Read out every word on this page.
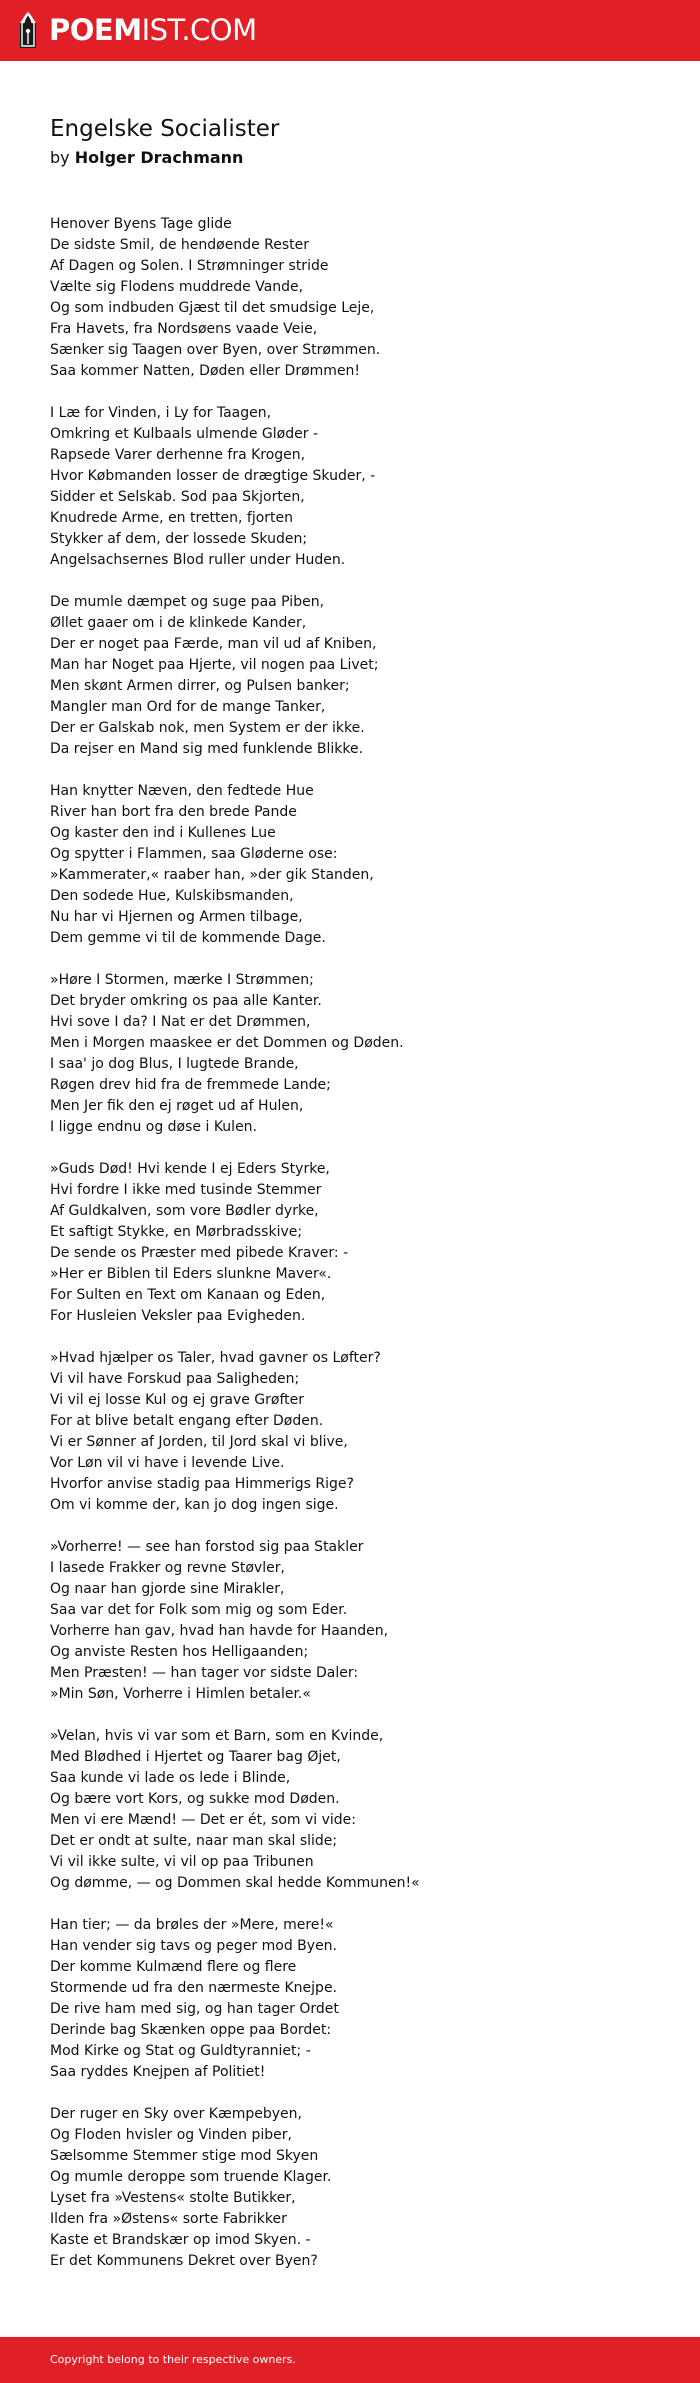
POEMIST.COM
Engelske Socialister
by Holger Drachmann
Henover Byens Tage glide
De sidste Smil, de hendøende Rester
Af Dagen og Solen. I Strømninger stride
Vælte sig Flodens muddrede Vande,
Og som indbuden Gjæst til det smudsige Leje,
Fra Havets, fra Nordsøens vaade Veie,
Sænker sig Taagen over Byen, over Strømmen.
Saa kommer Natten, Døden eller Drømmen!
I Læ for Vinden, i Ly for Taagen,
Omkring et Kulbaals ulmende Gløder -
Rapsede Varer derhenne fra Krogen,
Hvor Købmanden losser de drægtige Skuder, -
Sidder et Selskab. Sod paa Skjorten,
Knudrede Arme, en tretten, fjorten
Stykker af dem, der lossede Skuden;
Angelsachsernes Blod ruller under Huden.
De mumle dæmpet og suge paa Piben,
Øllet gaaer om i de klinkede Kander,
Der er noget paa Færde, man vil ud af Kniben,
Man har Noget paa Hjerte, vil nogen paa Livet;
Men skønt Armen dirrer, og Pulsen banker;
Mangler man Ord for de mange Tanker,
Der er Galskab nok, men System er der ikke.
Da rejser en Mand sig med funklende Blikke.
Han knytter Næven, den fedtede Hue
River han bort fra den brede Pande
Og kaster den ind i Kullenes Lue
Og spytter i Flammen, saa Gløderne ose:
»Kammerater,« raaber han, »der gik Standen,
Den sodede Hue, Kulskibsmanden,
Nu har vi Hjernen og Armen tilbage,
Dem gemme vi til de kommende Dage.
»Høre I Stormen, mærke I Strømmen;
Det bryder omkring os paa alle Kanter.
Hvi sove I da? I Nat er det Drømmen,
Men i Morgen maaskee er det Dommen og Døden.
I saa' jo dog Blus, I lugtede Brande,
Røgen drev hid fra de fremmede Lande;
Men Jer fik den ej røget ud af Hulen,
I ligge endnu og døse i Kulen.
»Guds Død! Hvi kende I ej Eders Styrke,
Hvi fordre I ikke med tusinde Stemmer
Af Guldkalven, som vore Bødler dyrke,
Et saftigt Stykke, en Mørbradsskive;
De sende os Præster med pibede Kraver: -
»Her er Biblen til Eders slunkne Maver«.
For Sulten en Text om Kanaan og Eden,
For Husleien Veksler paa Evigheden.
»Hvad hjælper os Taler, hvad gavner os Løfter?
Vi vil have Forskud paa Saligheden;
Vi vil ej losse Kul og ej grave Grøfter
For at blive betalt engang efter Døden.
Vi er Sønner af Jorden, til Jord skal vi blive,
Vor Løn vil vi have i levende Live.
Hvorfor anvise stadig paa Himmerigs Rige?
Om vi komme der, kan jo dog ingen sige.
»Vorherre! — see han forstod sig paa Stakler
I lasede Frakker og revne Støvler,
Og naar han gjorde sine Mirakler,
Saa var det for Folk som mig og som Eder.
Vorherre han gav, hvad han havde for Haanden,
Og anviste Resten hos Helligaanden;
Men Præsten! — han tager vor sidste Daler:
»Min Søn, Vorherre i Himlen betaler.«
»Velan, hvis vi var som et Barn, som en Kvinde,
Med Blødhed i Hjertet og Taarer bag Øjet,
Saa kunde vi lade os lede i Blinde,
Og bære vort Kors, og sukke mod Døden.
Men vi ere Mænd! — Det er ét, som vi vide:
Det er ondt at sulte, naar man skal slide;
Vi vil ikke sulte, vi vil op paa Tribunen
Og dømme, — og Dommen skal hedde Kommunen!«
Han tier; — da brøles der »Mere, mere!«
Han vender sig tavs og peger mod Byen.
Der komme Kulmænd flere og flere
Stormende ud fra den nærmeste Knejpe.
De rive ham med sig, og han tager Ordet
Derinde bag Skænken oppe paa Bordet:
Mod Kirke og Stat og Guldtyranniet; -
Saa ryddes Knejpen af Politiet!
Der ruger en Sky over Kæmpebyen,
Og Floden hvisler og Vinden piber,
Sælsomme Stemmer stige mod Skyen
Og mumle deroppe som truende Klager.
Lyset fra »Vestens« stolte Butikker,
Ilden fra »Østens« sorte Fabrikker
Kaste et Brandskær op imod Skyen. -
Er det Kommunens Dekret over Byen?
Copyright belong to their respective owners.
